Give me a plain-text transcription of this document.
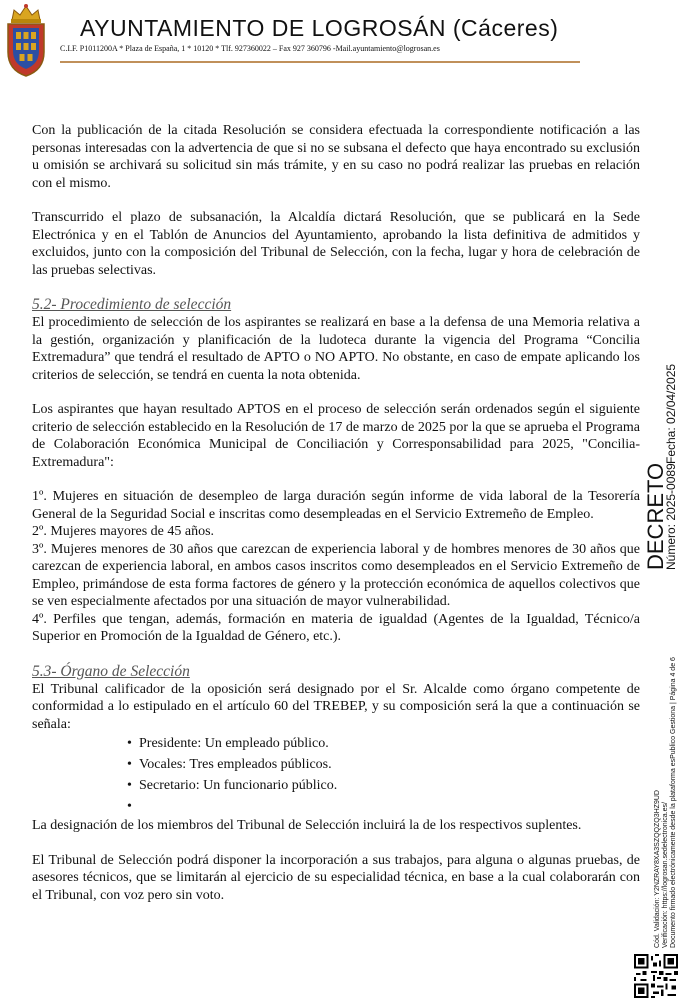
AYUNTAMIENTO DE LOGROSÁN (Cáceres)
C.I.F. P1011200A * Plaza de España, 1 * 10120 * Tlf. 927360022 – Fax 927 360796 -Mail.ayuntamiento@logrosan.es

Con la publicación de la citada Resolución se considera efectuada la correspondiente notificación a las personas interesadas con la advertencia de que si no se subsana el defecto que haya encontrado su exclusión u omisión se archivará su solicitud sin más trámite, y en su caso no podrá realizar las pruebas en relación con el mismo.

Transcurrido el plazo de subsanación, la Alcaldía dictará Resolución, que se publicará en la Sede Electrónica y en el Tablón de Anuncios del Ayuntamiento, aprobando la lista definitiva de admitidos y excluidos, junto con la composición del Tribunal de Selección, con la fecha, lugar y hora de celebración de las pruebas selectivas.

5.2- Procedimiento de selección

El procedimiento de selección de los aspirantes se realizará en base a la defensa de una Memoria relativa a la gestión, organización y planificación de la ludoteca durante la vigencia del Programa “Concilia Extremadura” que tendrá el resultado de APTO o NO APTO. No obstante, en caso de empate aplicando los criterios de selección, se tendrá en cuenta la nota obtenida.

Los aspirantes que hayan resultado APTOS en el proceso de selección serán ordenados según el siguiente criterio de selección establecido en la Resolución de 17 de marzo de 2025 por la que se aprueba el Programa de Colaboración Económica Municipal de Conciliación y Corresponsabilidad para 2025, "Concilia-Extremadura":

1º. Mujeres en situación de desempleo de larga duración según informe de vida laboral de la Tesorería General de la Seguridad Social e inscritas como desempleadas en el Servicio Extremeño de Empleo.

2º. Mujeres mayores de 45 años.

3º. Mujeres menores de 30 años que carezcan de experiencia laboral y de hombres menores de 30 años que carezcan de experiencia laboral, en ambos casos inscritos como desempleados en el Servicio Extremeño de Empleo, primándose de esta forma factores de género y la protección económica de aquellos colectivos que se ven especialmente afectados por una situación de mayor vulnerabilidad.

4º. Perfiles que tengan, además, formación en materia de igualdad (Agentes de la Igualdad, Técnico/a Superior en Promoción de la Igualdad de Género, etc.).

5.3- Órgano de Selección

El Tribunal calificador de la oposición será designado por el Sr. Alcalde como órgano competente de conformidad a lo estipulado en el artículo 60 del TREBEP, y su composición será la que a continuación se señala:

• Presidente: Un empleado público.
• Vocales: Tres empleados públicos.
• Secretario: Un funcionario público.
•

La designación de los miembros del Tribunal de Selección incluirá la de los respectivos suplentes.

El Tribunal de Selección podrá disponer la incorporación a sus trabajos, para alguna o algunas pruebas, de asesores técnicos, que se limitarán al ejercicio de su especialidad técnica, en base a la cual colaborarán con el Tribunal, con voz pero sin voto.

DECRETO
Número: 2025-0089
Fecha: 02/04/2025
Cód. Validación: Y2NZRAY8XA3SZQQZQ3HZ9UD Verificación: https://logrosan.sedelectronica.es/ Documento firmado electrónicamente desde la plataforma esPublico Gestiona | Página 4 de 6
